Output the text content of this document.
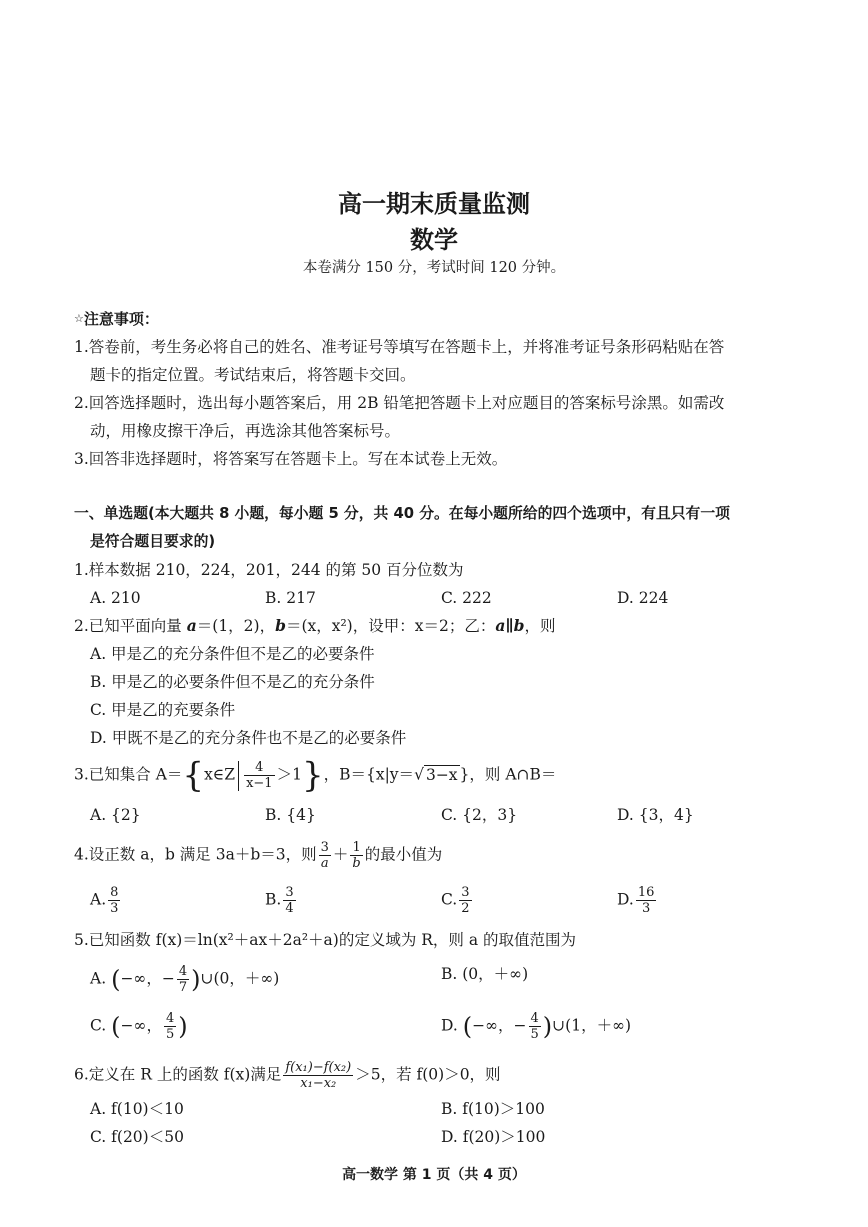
高一期末质量监测
数学
本卷满分 150 分，考试时间 120 分钟。
☆注意事项：
1.答卷前，考生务必将自己的姓名、准考证号等填写在答题卡上，并将准考证号条形码粘贴在答
题卡的指定位置。考试结束后，将答题卡交回。
2.回答选择题时，选出每小题答案后，用 2B 铅笔把答题卡上对应题目的答案标号涂黑。如需改
动，用橡皮擦干净后，再选涂其他答案标号。
3.回答非选择题时，将答案写在答题卡上。写在本试卷上无效。
一、单选题(本大题共 8 小题，每小题 5 分，共 40 分。在每小题所给的四个选项中，有且只有一项
是符合题目要求的)
1.样本数据 210，224，201，244 的第 50 百分位数为
A. 210	B. 217	C. 222	D. 224
2.已知平面向量 a＝(1，2)，b＝(x，x²)，设甲：x＝2；乙：a∥b，则
A. 甲是乙的充分条件但不是乙的必要条件
B. 甲是乙的必要条件但不是乙的充分条件
C. 甲是乙的充要条件
D. 甲既不是乙的充分条件也不是乙的必要条件
3.已知集合 A＝{x∈Z $\frac{4}{x-1} >1$}，B＝{x|y＝√ 3−x }，则 A∩B＝
A. {2}	B. {4}	C. {2，3}	D. {3，4}
4.设正数 a，b 满足 3a＋b＝3，则 $\frac{3}{a} + \frac{1}{b}$ 的最小值为
A. $\frac{8}{3}$	B. $\frac{3}{4}$	C. $\frac{3}{2}$	D. $\frac{16}{3}$
5.已知函数 f(x)＝ln(x²＋ax＋2a²＋a)的定义域为 R，则 a 的取值范围为
A. (−∞，− $\frac{4}{7}$ )∪(0，＋∞)	B. (0，＋∞)
C. (−∞， $\frac{4}{5}$ )	D. (−∞，− $\frac{4}{5}$ )∪(1，＋∞)
6.定义在 R 上的函数 f(x)满足 $\frac{\text{f(x₁)−f(x₂)}}{\text{x₁−x₂}} >5$，若 f(0)＞0，则
A. f(10)＜10	B. f(10)＞100
C. f(20)＜50	D. f(20)＞100
高一数学 第 1 页（共 4 页）
